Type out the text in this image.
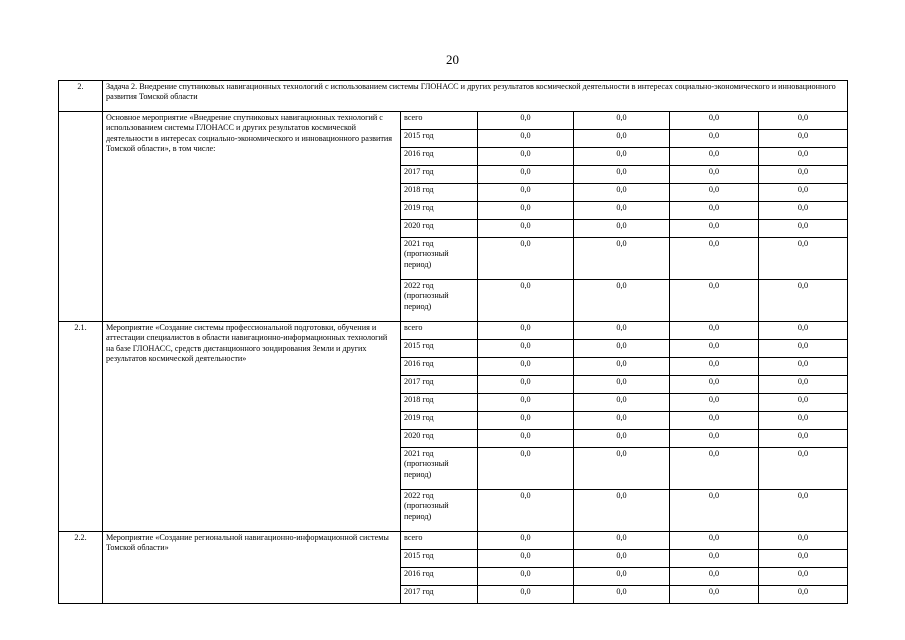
20
2.	Задача 2. Внедрение спутниковых навигационных технологий с использованием системы ГЛОНАСС и других результатов космической деятельности в интересах социально-экономического и инновационного развития Томской области					
	Основное мероприятие «Внедрение спутниковых навигационных технологий с использованием системы ГЛОНАСС и других результатов космической деятельности в интересах социально-экономического и инновационного развития Томской области», в том числе:	всего	0,0	0,0	0,0	0,0
		2015 год	0,0	0,0	0,0	0,0
		2016 год	0,0	0,0	0,0	0,0
		2017 год	0,0	0,0	0,0	0,0
		2018 год	0,0	0,0	0,0	0,0
		2019 год	0,0	0,0	0,0	0,0
		2020 год	0,0	0,0	0,0	0,0
		2021 год (прогнозный период)	0,0	0,0	0,0	0,0
		2022 год (прогнозный период)	0,0	0,0	0,0	0,0
2.1.	Мероприятие «Создание системы профессиональной подготовки, обучения и аттестации специалистов в области навигационно-информационных технологий на базе ГЛОНАСС, средств дистанционного зондирования Земли и других результатов космической деятельности»	всего	0,0	0,0	0,0	0,0
		2015 год	0,0	0,0	0,0	0,0
		2016 год	0,0	0,0	0,0	0,0
		2017 год	0,0	0,0	0,0	0,0
		2018 год	0,0	0,0	0,0	0,0
		2019 год	0,0	0,0	0,0	0,0
		2020 год	0,0	0,0	0,0	0,0
		2021 год (прогнозный период)	0,0	0,0	0,0	0,0
		2022 год (прогнозный период)	0,0	0,0	0,0	0,0
2.2.	Мероприятие «Создание региональной навигационно-информационной системы Томской области»	всего	0,0	0,0	0,0	0,0
		2015 год	0,0	0,0	0,0	0,0
		2016 год	0,0	0,0	0,0	0,0
		2017 год	0,0	0,0	0,0	0,0
